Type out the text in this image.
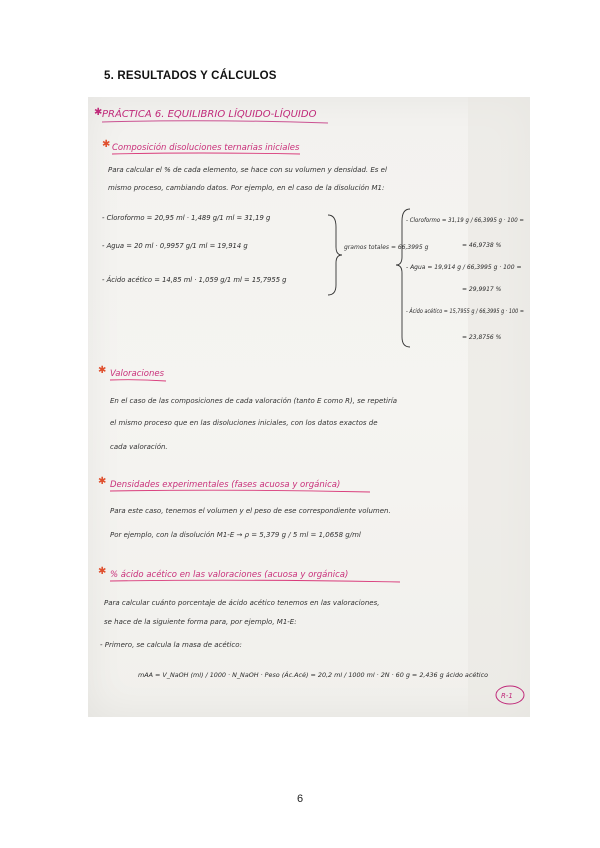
5. RESULTADOS Y CÁLCULOS
✱ PRÁCTICA 6. EQUILIBRIO LÍQUIDO-LÍQUIDO
✱ Composición disoluciones ternarias iniciales
Para calcular el % de cada elemento, se hace con su volumen y densidad. Es el
mismo proceso, cambiando datos. Por ejemplo, en el caso de la disolución M1:
- Cloroformo = 20,95 ml · 1,489 g/1 ml = 31,19 g
- Agua = 20 ml · 0,9957 g/1 ml = 19,914 g
- Ácido acético = 14,85 ml · 1,059 g/1 ml = 15,7955 g
gramos totales = 66,3995 g
- Cloroformo = 31,19 g / 66,3995 g · 100 =
= 46,9738 %
- Agua = 19,914 g / 66,3995 g · 100 =
= 29,9917 %
- Ácido acético = 15,7955 g / 66,3995 g · 100 =
= 23,8756 %
✱ Valoraciones
En el caso de las composiciones de cada valoración (tanto E como R), se repetiría
el mismo proceso que en las disoluciones iniciales, con los datos exactos de
cada valoración.
✱ Densidades experimentales (fases acuosa y orgánica)
Para este caso, tenemos el volumen y el peso de ese correspondiente volumen.
Por ejemplo, con la disolución M1-E → ρ = 5,379 g / 5 ml = 1,0658 g/ml
✱ % ácido acético en las valoraciones (acuosa y orgánica)
Para calcular cuánto porcentaje de ácido acético tenemos en las valoraciones,
se hace de la siguiente forma para, por ejemplo, M1-E:
- Primero, se calcula la masa de acético:
mAA = V_NaOH (ml) / 1000 · N_NaOH · Peso (Ác.Acé) = 20,2 ml / 1000 ml · 2N · 60 g = 2,436 g ácido acético
R-1
6
